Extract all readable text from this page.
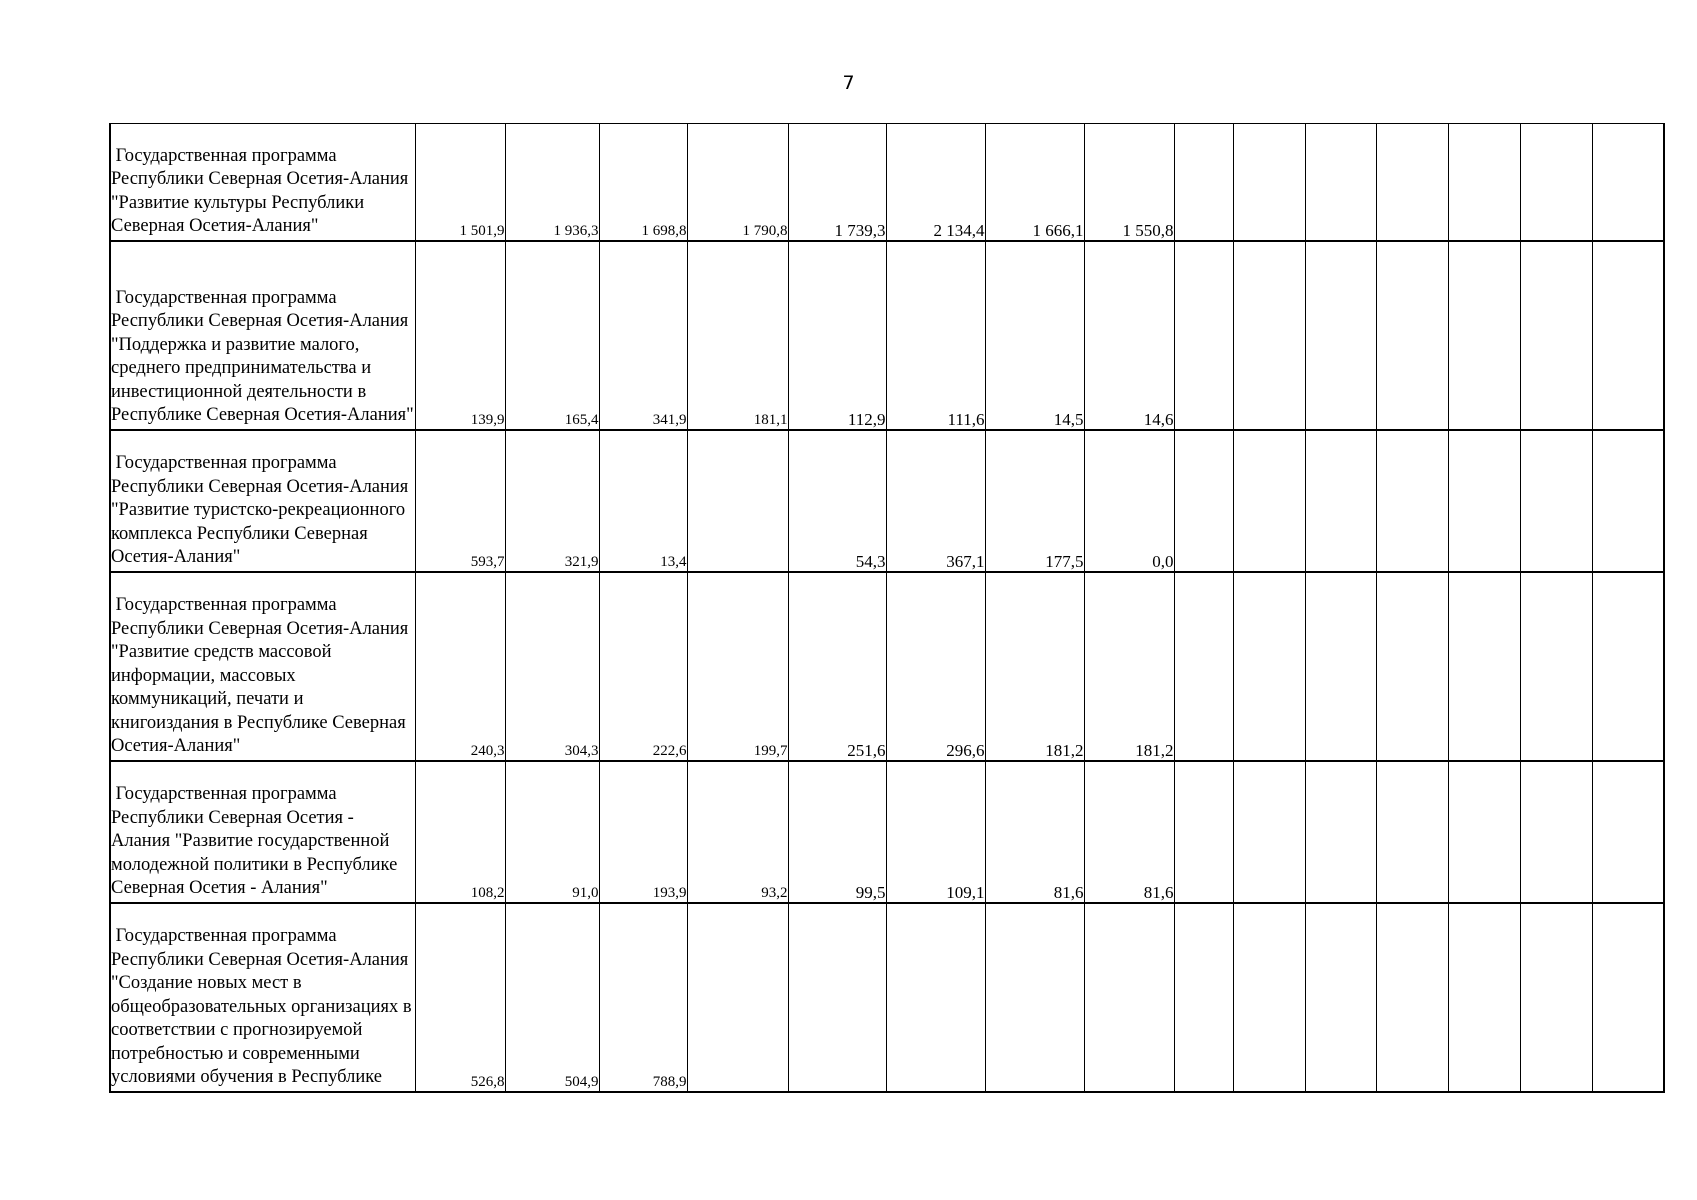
7
Государственная программа Республики Северная Осетия-Алания "Развитие культуры Республики Северная Осетия-Алания"	1 501,9	1 936,3	1 698,8	1 790,8	1 739,3	2 134,4	1 666,1	1 550,8							

Государственная программа Республики Северная Осетия-Алания "Поддержка и развитие малого, среднего предпринимательства и инвестиционной деятельности в Республике Северная Осетия-Алания"	139,9	165,4	341,9	181,1	112,9	111,6	14,5	14,6							

Государственная программа Республики Северная Осетия-Алания "Развитие туристско-рекреационного комплекса Республики Северная Осетия-Алания"	593,7	321,9	13,4		54,3	367,1	177,5	0,0							

Государственная программа Республики Северная Осетия-Алания "Развитие средств массовой информации, массовых коммуникаций, печати и книгоиздания в Республике Северная Осетия-Алания"	240,3	304,3	222,6	199,7	251,6	296,6	181,2	181,2							

Государственная программа Республики Северная Осетия - Алания "Развитие государственной молодежной политики в Республике Северная Осетия - Алания"	108,2	91,0	193,9	93,2	99,5	109,1	81,6	81,6							

Государственная программа Республики Северная Осетия-Алания "Создание новых мест в общеобразовательных организациях в соответствии с прогнозируемой потребностью и современными условиями обучения в Республике	526,8	504,9	788,9												
